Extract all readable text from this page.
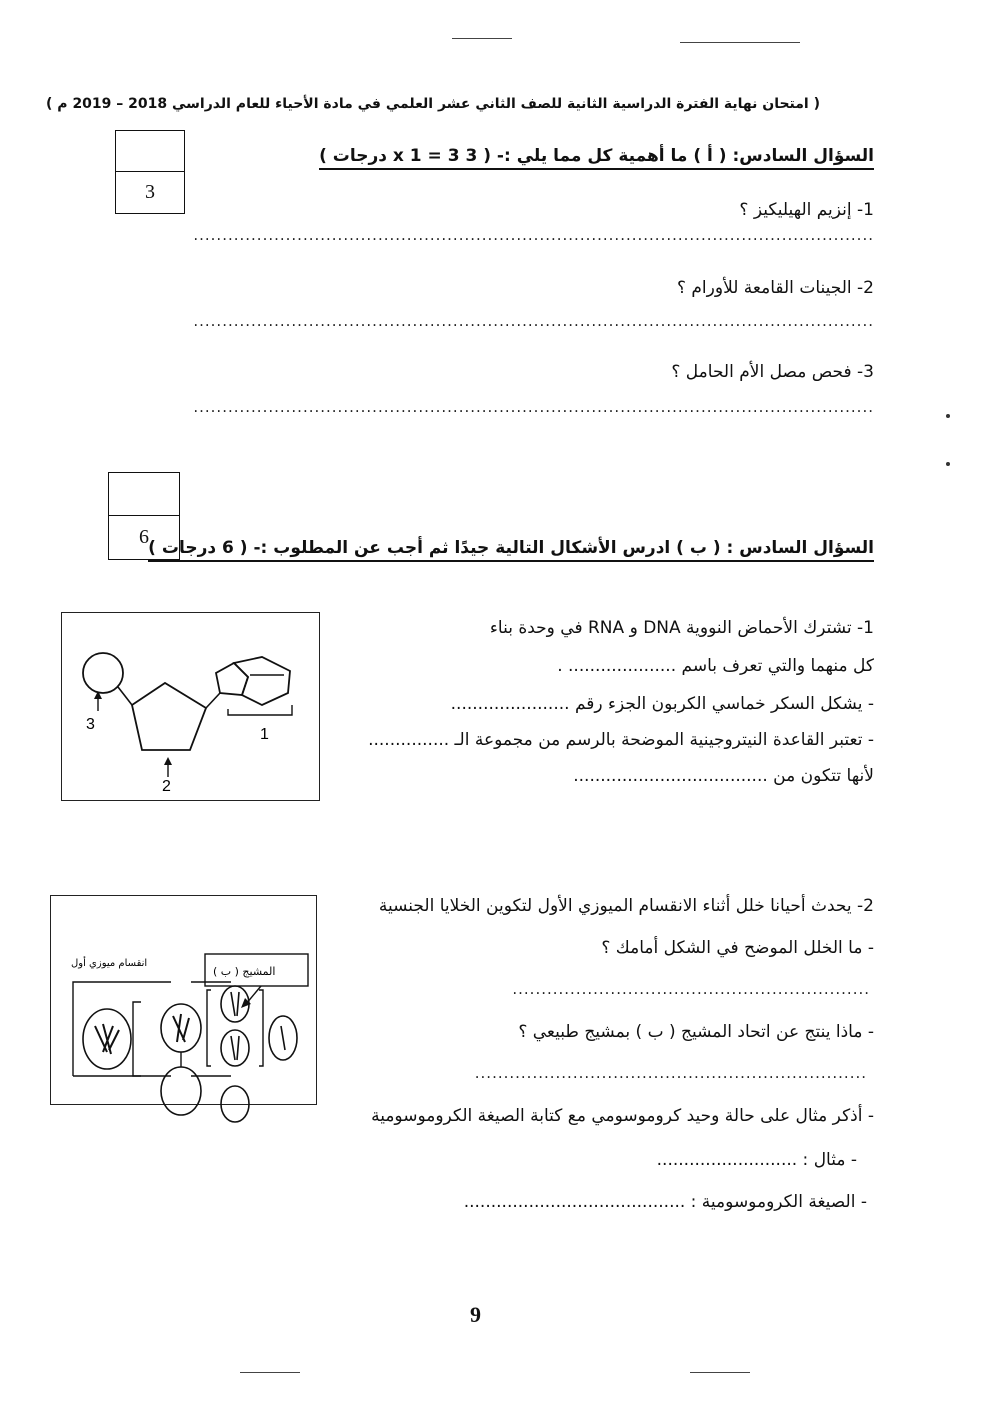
( امتحان نهاية الفترة الدراسية الثانية للصف الثاني عشر العلمي في مادة الأحياء للعام الدراسي 2018 – 2019 م )
3
السؤال السادس: ( أ ) ما أهمية كل مما يلي :- ( 3 x 1 = 3 درجات )
1- إنزيم الهيليكيز ؟
......................................................................................................................
2- الجينات القامعة للأورام ؟
......................................................................................................................
3- فحص مصل الأم الحامل ؟
......................................................................................................................
6 السؤال السادس : ( ب ) ادرس الأشكال التالية جيدًا ثم أجب عن المطلوب :- ( 6 درجات )
3
2
1
1- تشترك الأحماض النووية DNA و RNA في وحدة بناء
كل منهما والتي تعرف باسم .................... .
- يشكل السكر خماسي الكربون الجزء رقم ......................
- تعتبر القاعدة النيتروجينية الموضحة بالرسم من مجموعة الـ ...............
لأنها تتكون من ....................................
انقسام ميوزي أول
المشيج ( ب )
2- يحدث أحيانا خلل أثناء الانقسام الميوزي الأول لتكوين الخلايا الجنسية
- ما الخلل الموضح في الشكل أمامك ؟
..............................................................
- ماذا ينتج عن اتحاد المشيج ( ب ) بمشيج طبيعي ؟
....................................................................
- أذكر مثال على حالة وحيد كروموسومي مع كتابة الصيغة الكروموسومية
- مثال : ..........................
- الصيغة الكروموسومية : .........................................
9
